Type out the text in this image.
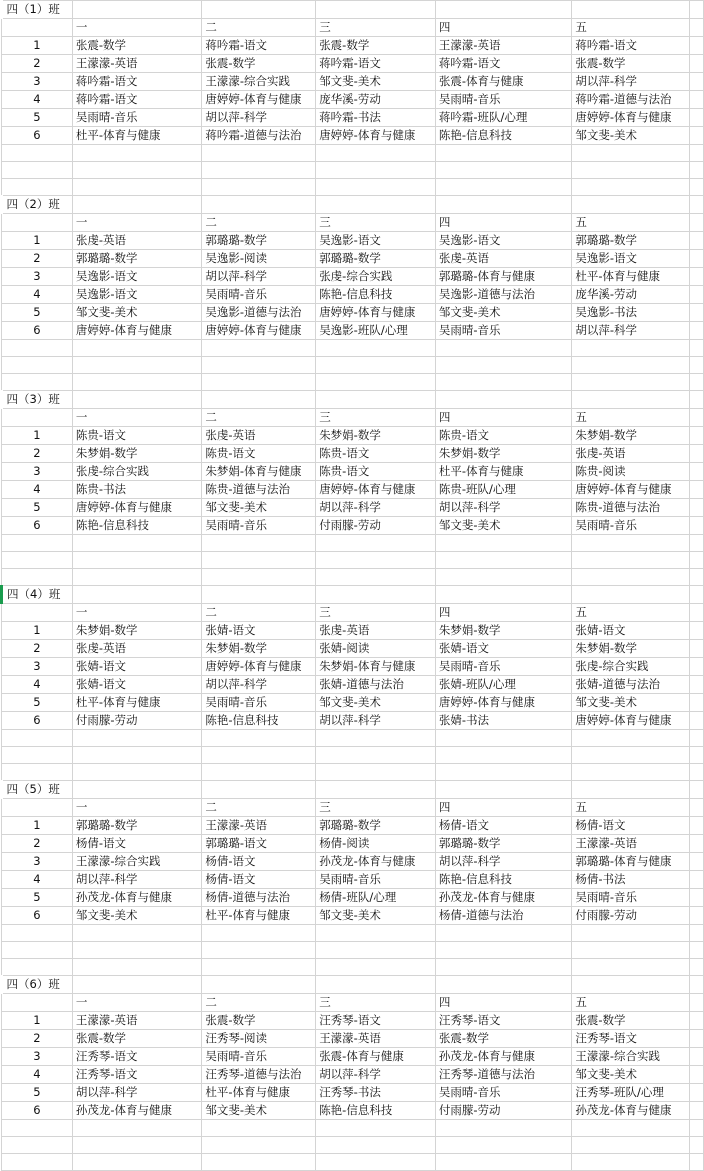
四（1）班						
	一	二	三	四	五	
1	张震-数学	蒋吟霜-语文	张震-数学	王濛濛-英语	蒋吟霜-语文	
2	王濛濛-英语	张震-数学	蒋吟霜-语文	蒋吟霜-语文	张震-数学	
3	蒋吟霜-语文	王濛濛-综合实践	邹文斐-美术	张震-体育与健康	胡以萍-科学	
4	蒋吟霜-语文	唐婷婷-体育与健康	庞华溪-劳动	吴雨晴-音乐	蒋吟霜-道德与法治	
5	吴雨晴-音乐	胡以萍-科学	蒋吟霜-书法	蒋吟霜-班队/心理	唐婷婷-体育与健康	
6	杜平-体育与健康	蒋吟霜-道德与法治	唐婷婷-体育与健康	陈艳-信息科技	邹文斐-美术	

四（2）班						
	一	二	三	四	五	
1	张虔-英语	郭璐璐-数学	吴逸影-语文	吴逸影-语文	郭璐璐-数学	
2	郭璐璐-数学	吴逸影-阅读	郭璐璐-数学	张虔-英语	吴逸影-语文	
3	吴逸影-语文	胡以萍-科学	张虔-综合实践	郭璐璐-体育与健康	杜平-体育与健康	
4	吴逸影-语文	吴雨晴-音乐	陈艳-信息科技	吴逸影-道德与法治	庞华溪-劳动	
5	邹文斐-美术	吴逸影-道德与法治	唐婷婷-体育与健康	邹文斐-美术	吴逸影-书法	
6	唐婷婷-体育与健康	唐婷婷-体育与健康	吴逸影-班队/心理	吴雨晴-音乐	胡以萍-科学	

四（3）班						
	一	二	三	四	五	
1	陈贵-语文	张虔-英语	朱梦娟-数学	陈贵-语文	朱梦娟-数学	
2	朱梦娟-数学	陈贵-语文	陈贵-语文	朱梦娟-数学	张虔-英语	
3	张虔-综合实践	朱梦娟-体育与健康	陈贵-语文	杜平-体育与健康	陈贵-阅读	
4	陈贵-书法	陈贵-道德与法治	唐婷婷-体育与健康	陈贵-班队/心理	唐婷婷-体育与健康	
5	唐婷婷-体育与健康	邹文斐-美术	胡以萍-科学	胡以萍-科学	陈贵-道德与法治	
6	陈艳-信息科技	吴雨晴-音乐	付雨朦-劳动	邹文斐-美术	吴雨晴-音乐	

四（4）班						
	一	二	三	四	五	
1	朱梦娟-数学	张婧-语文	张虔-英语	朱梦娟-数学	张婧-语文	
2	张虔-英语	朱梦娟-数学	张婧-阅读	张婧-语文	朱梦娟-数学	
3	张婧-语文	唐婷婷-体育与健康	朱梦娟-体育与健康	吴雨晴-音乐	张虔-综合实践	
4	张婧-语文	胡以萍-科学	张婧-道德与法治	张婧-班队/心理	张婧-道德与法治	
5	杜平-体育与健康	吴雨晴-音乐	邹文斐-美术	唐婷婷-体育与健康	邹文斐-美术	
6	付雨朦-劳动	陈艳-信息科技	胡以萍-科学	张婧-书法	唐婷婷-体育与健康	

四（5）班						
	一	二	三	四	五	
1	郭璐璐-数学	王濛濛-英语	郭璐璐-数学	杨倩-语文	杨倩-语文	
2	杨倩-语文	郭璐璐-语文	杨倩-阅读	郭璐璐-数学	王濛濛-英语	
3	王濛濛-综合实践	杨倩-语文	孙茂龙-体育与健康	胡以萍-科学	郭璐璐-体育与健康	
4	胡以萍-科学	杨倩-语文	吴雨晴-音乐	陈艳-信息科技	杨倩-书法	
5	孙茂龙-体育与健康	杨倩-道德与法治	杨倩-班队/心理	孙茂龙-体育与健康	吴雨晴-音乐	
6	邹文斐-美术	杜平-体育与健康	邹文斐-美术	杨倩-道德与法治	付雨朦-劳动	

四（6）班						
	一	二	三	四	五	
1	王濛濛-英语	张震-数学	汪秀琴-语文	汪秀琴-语文	张震-数学	
2	张震-数学	汪秀琴-阅读	王濛濛-英语	张震-数学	汪秀琴-语文	
3	汪秀琴-语文	吴雨晴-音乐	张震-体育与健康	孙茂龙-体育与健康	王濛濛-综合实践	
4	汪秀琴-语文	汪秀琴-道德与法治	胡以萍-科学	汪秀琴-道德与法治	邹文斐-美术	
5	胡以萍-科学	杜平-体育与健康	汪秀琴-书法	吴雨晴-音乐	汪秀琴-班队/心理	
6	孙茂龙-体育与健康	邹文斐-美术	陈艳-信息科技	付雨朦-劳动	孙茂龙-体育与健康	
